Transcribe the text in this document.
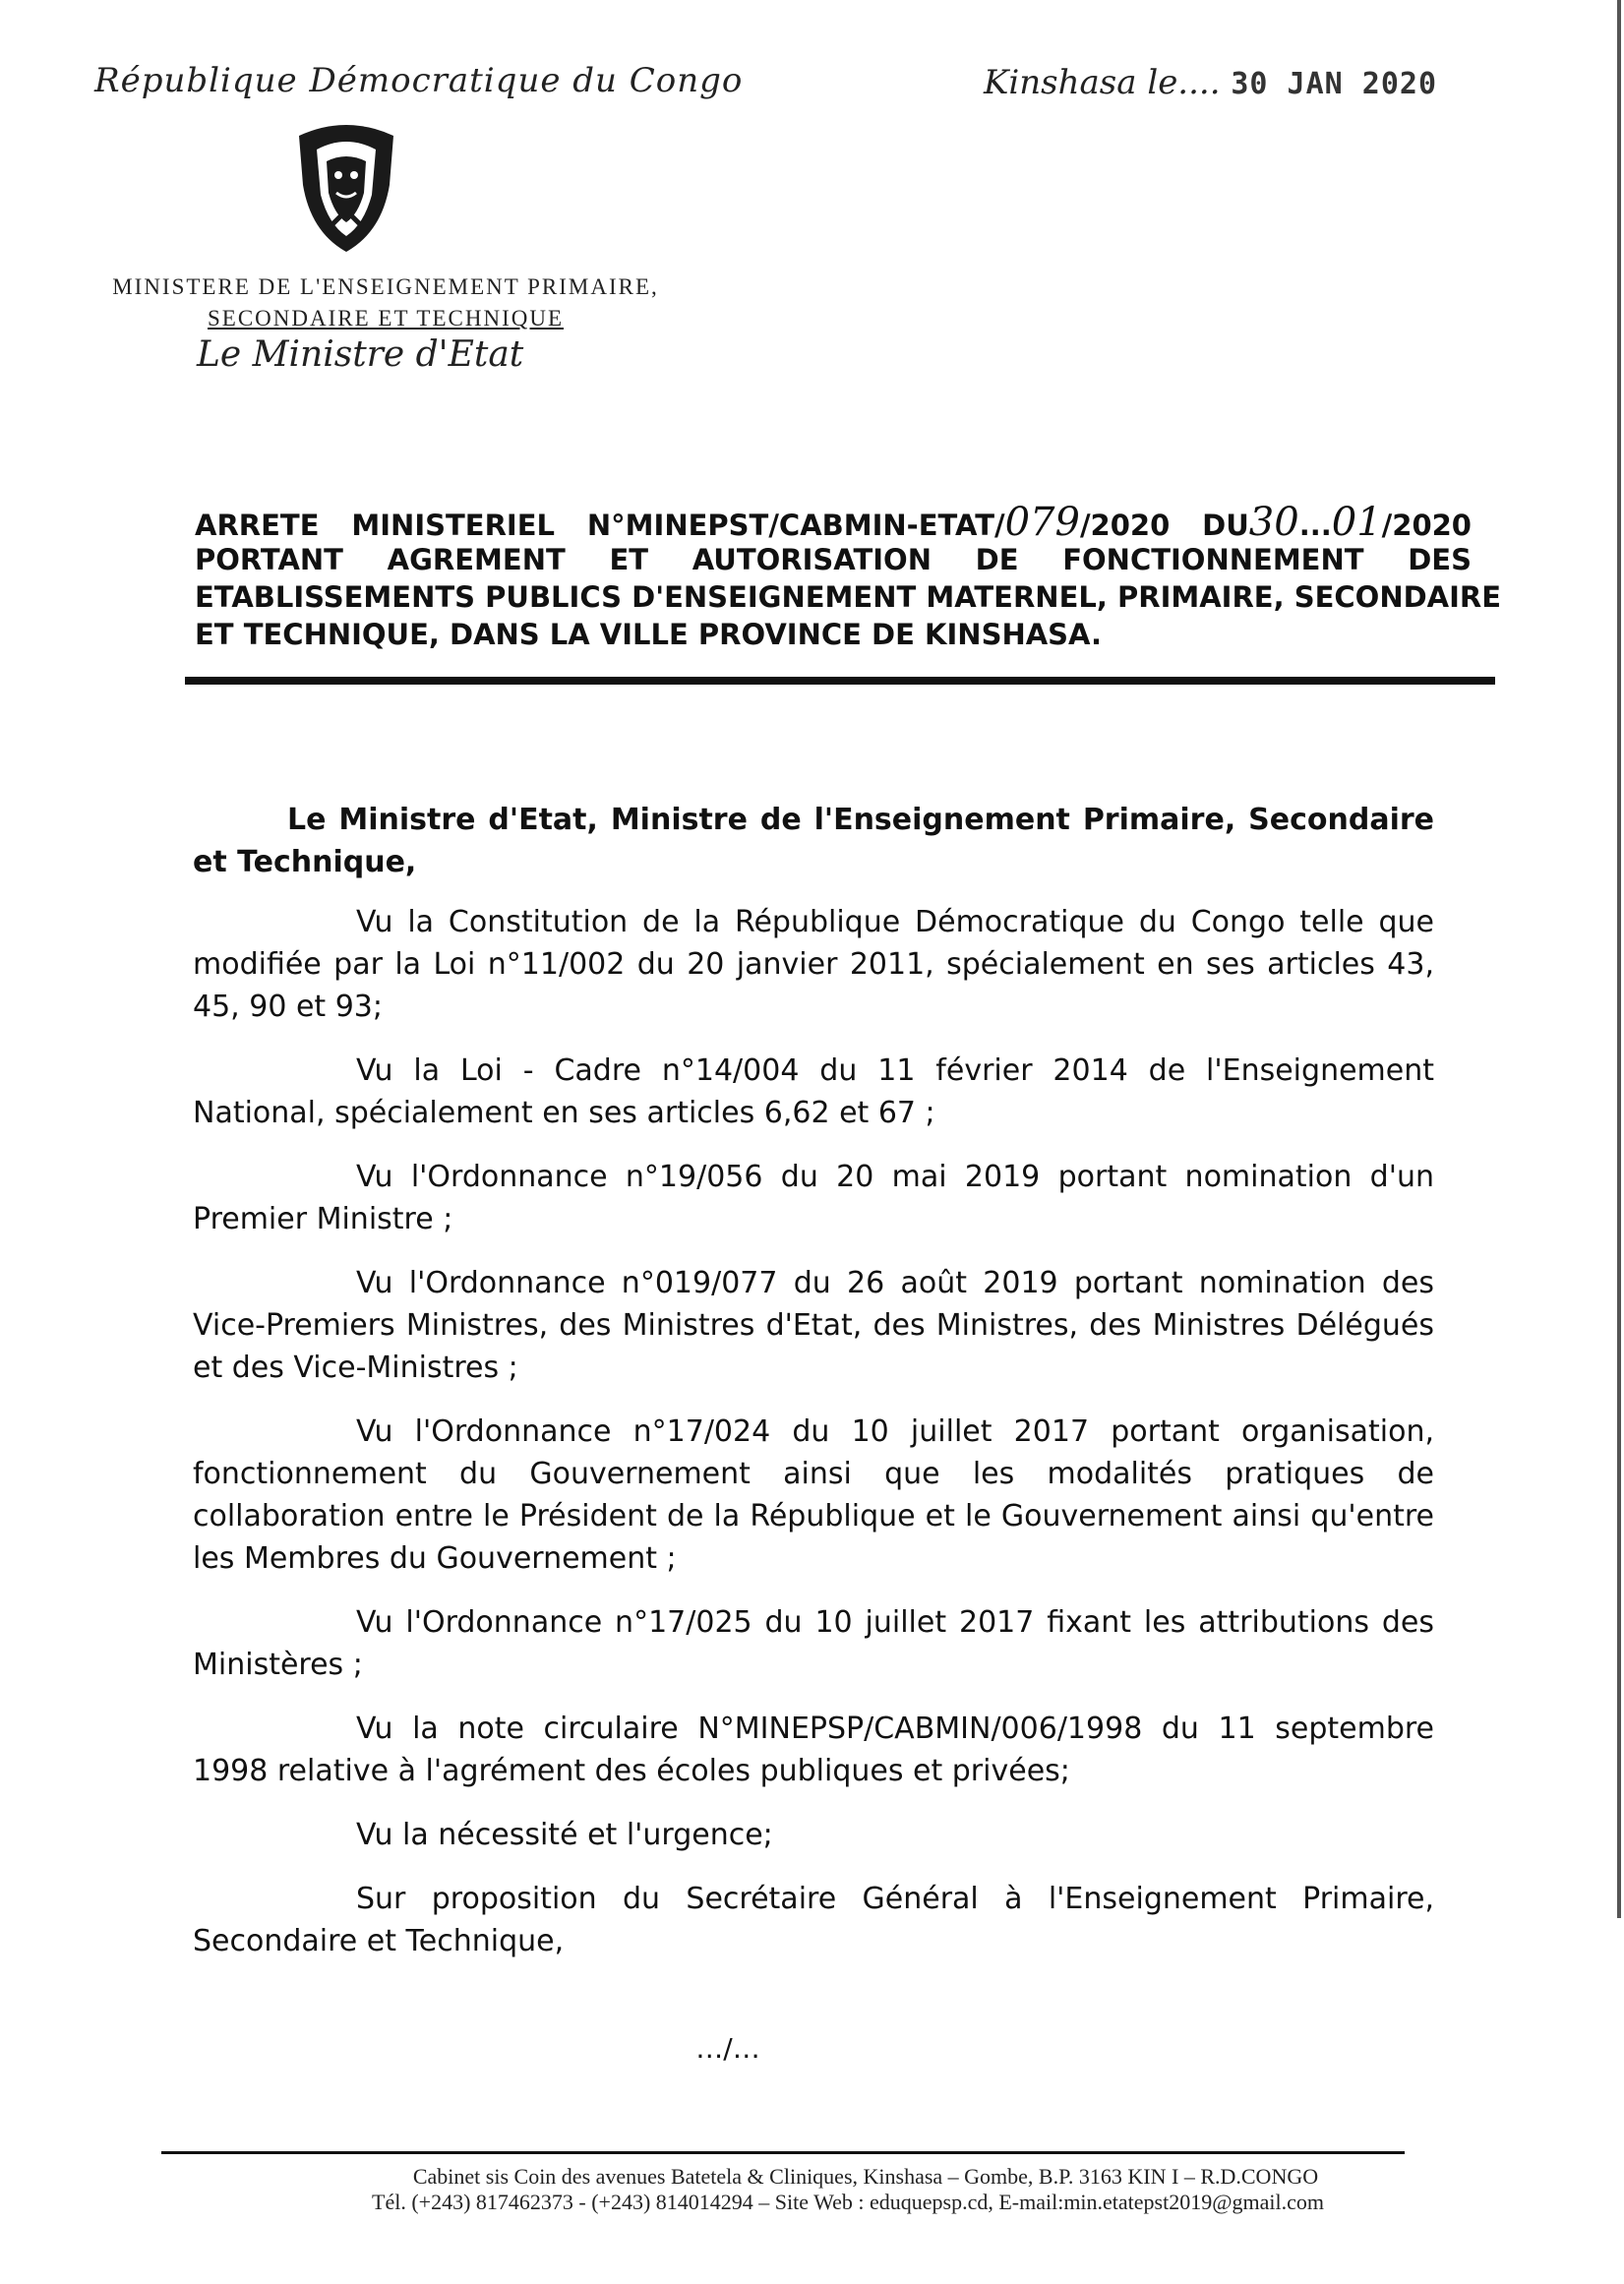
République Démocratique du Congo	Kinshasa le.... 30 JAN 2020
MINISTERE DE L'ENSEIGNEMENT PRIMAIRE,
SECONDAIRE ET TECHNIQUE
Le Ministre d'Etat
ARRETE MINISTERIEL N°MINEPST/CABMIN-ETAT/079/2020 DU30...01/2020
PORTANT AGREMENT ET AUTORISATION DE FONCTIONNEMENT DES
ETABLISSEMENTS PUBLICS D'ENSEIGNEMENT MATERNEL, PRIMAIRE, SECONDAIRE
ET TECHNIQUE, DANS LA VILLE PROVINCE DE KINSHASA.

Le Ministre d'Etat, Ministre de l'Enseignement Primaire, Secondaire et Technique,

Vu la Constitution de la République Démocratique du Congo telle que modifiée par la Loi n°11/002 du 20 janvier 2011, spécialement en ses articles 43, 45, 90 et 93;

Vu la Loi - Cadre n°14/004 du 11 février 2014 de l'Enseignement National, spécialement en ses articles 6,62 et 67 ;

Vu l'Ordonnance n°19/056 du 20 mai 2019 portant nomination d'un Premier Ministre ;

Vu l'Ordonnance n°019/077 du 26 août 2019 portant nomination des Vice-Premiers Ministres, des Ministres d'Etat, des Ministres, des Ministres Délégués et des Vice-Ministres ;

Vu l'Ordonnance n°17/024 du 10 juillet 2017 portant organisation, fonctionnement du Gouvernement ainsi que les modalités pratiques de collaboration entre le Président de la République et le Gouvernement ainsi qu'entre les Membres du Gouvernement ;

Vu l'Ordonnance n°17/025 du 10 juillet 2017 fixant les attributions des Ministères ;

Vu la note circulaire N°MINEPSP/CABMIN/006/1998 du 11 septembre 1998 relative à l'agrément des écoles publiques et privées;

Vu la nécessité et l'urgence;

Sur proposition du Secrétaire Général à l'Enseignement Primaire, Secondaire et Technique,

…/…
Cabinet sis Coin des avenues Batetela & Cliniques, Kinshasa – Gombe, B.P. 3163 KIN I – R.D.CONGO
Tél. (+243) 817462373 - (+243) 814014294 – Site Web : eduquepsp.cd, E-mail:min.etatepst2019@gmail.com
